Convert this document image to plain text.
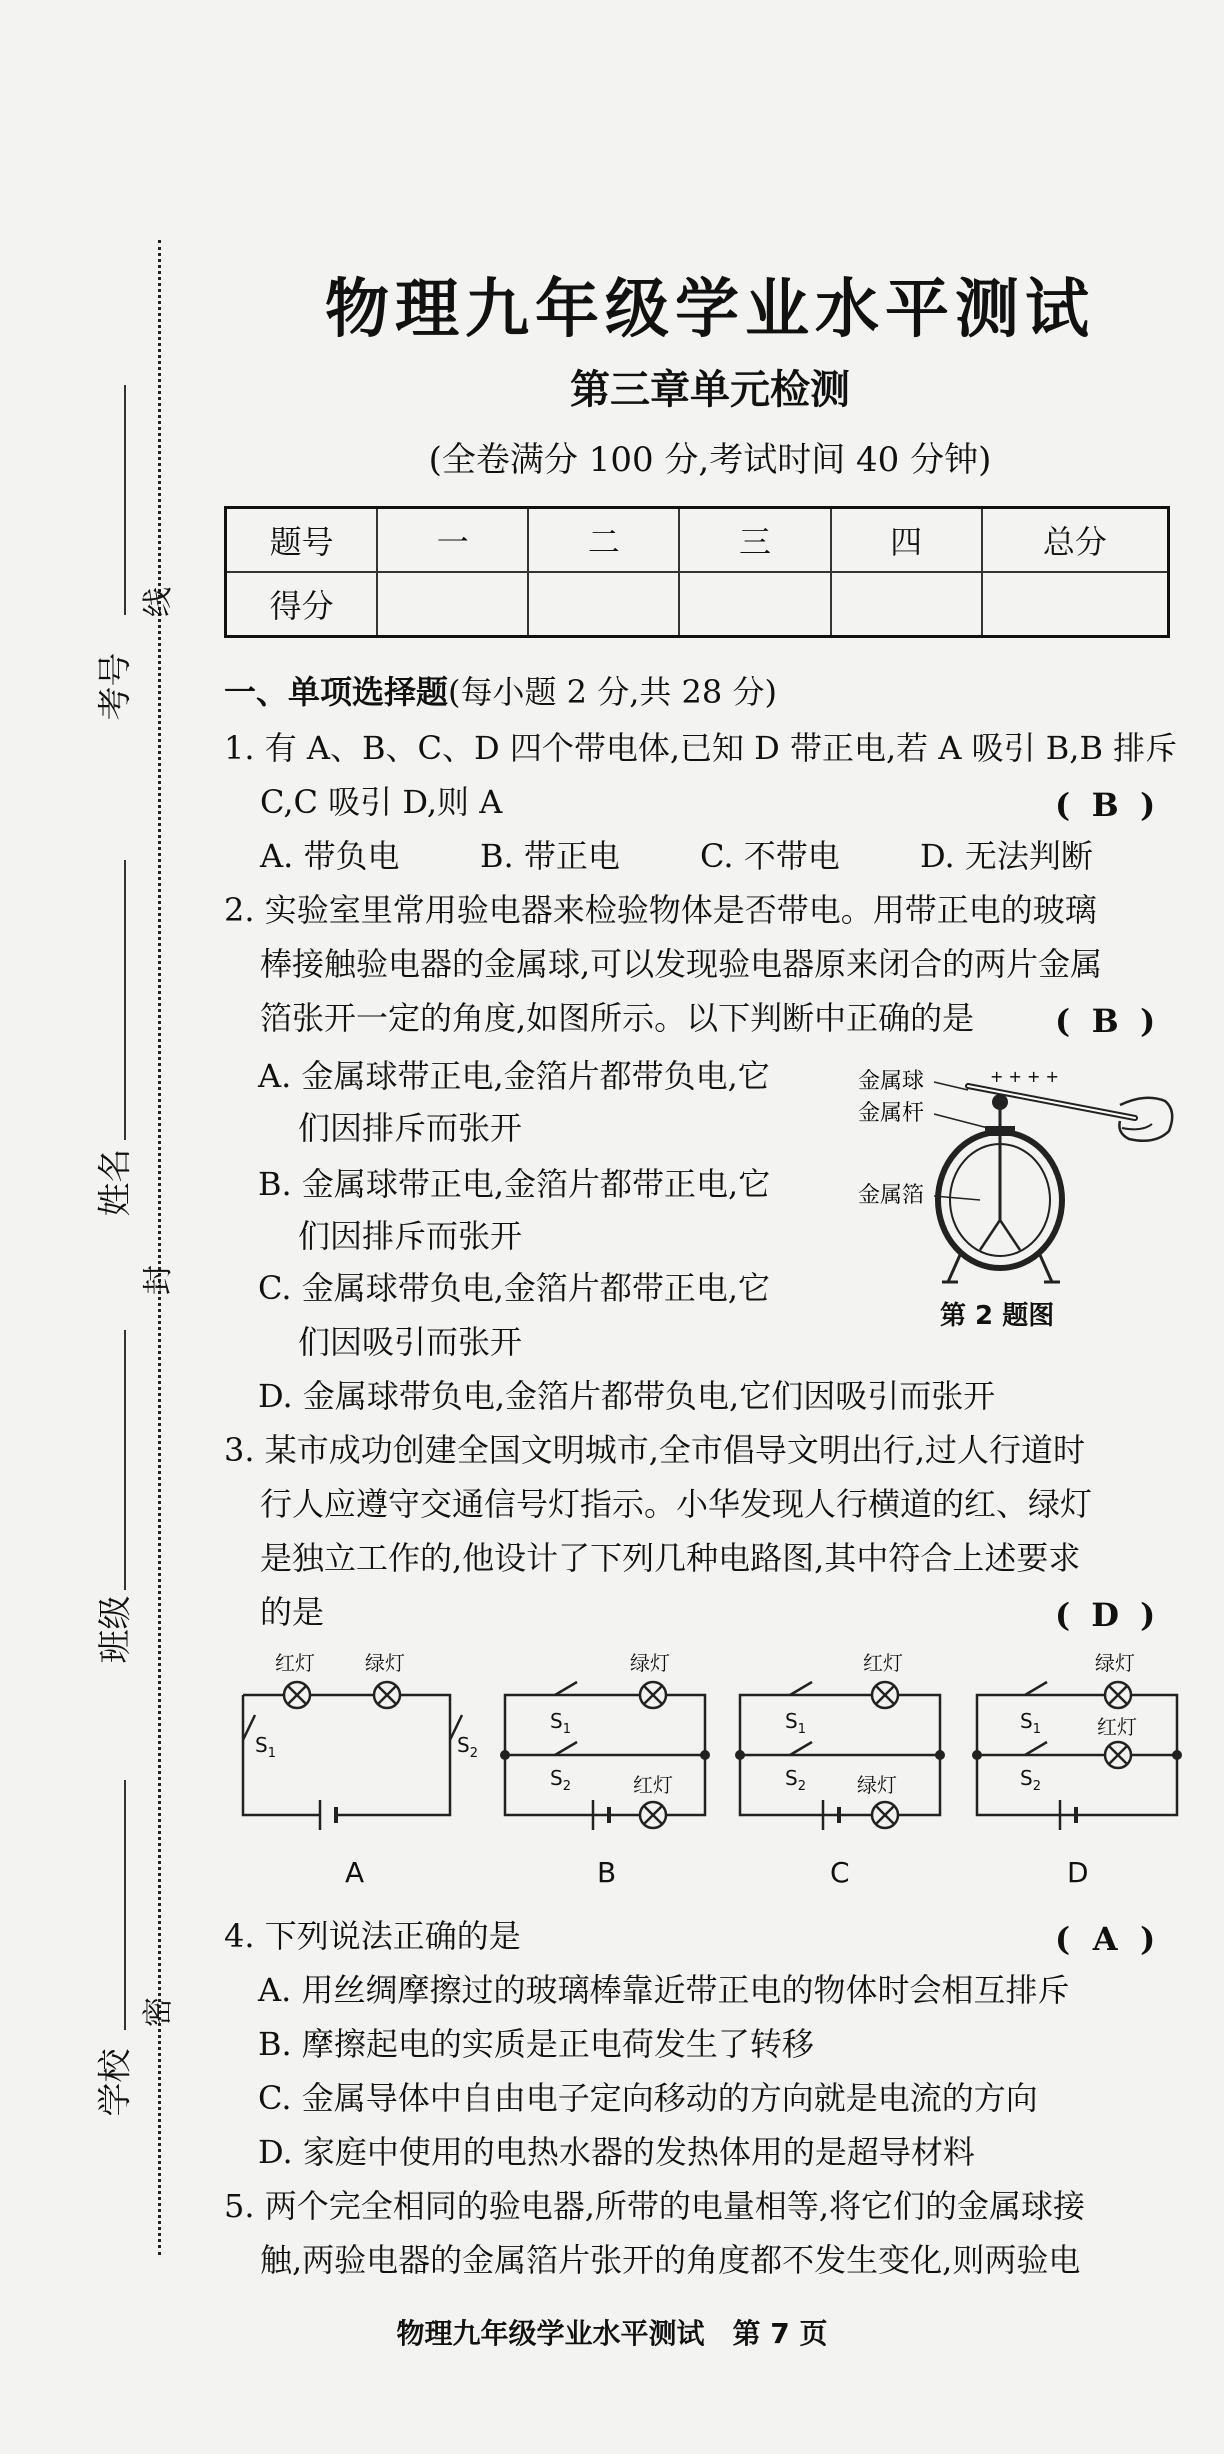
考号
线
姓名
封
班级
学校
密
物理九年级学业水平测试
第三章单元检测
(全卷满分 100 分,考试时间 40 分钟)
题号	一	二	三	四	总分
得分					
一、单项选择题(每小题 2 分,共 28 分)
1. 有 A、B、C、D 四个带电体,已知 D 带正电,若 A 吸引 B,B 排斥
C,C 吸引 D,则 A	( B )
A. 带负电	B. 带正电	C. 不带电	D. 无法判断
2. 实验室里常用验电器来检验物体是否带电。用带正电的玻璃
棒接触验电器的金属球,可以发现验电器原来闭合的两片金属
箔张开一定的角度,如图所示。以下判断中正确的是	( B )
A. 金属球带正电,金箔片都带负电,它
们因排斥而张开
B. 金属球带正电,金箔片都带正电,它
们因排斥而张开
C. 金属球带负电,金箔片都带正电,它
们因吸引而张开
D. 金属球带负电,金箔片都带负电,它们因吸引而张开
金属球
金属杆
金属箔
+ + + +
第 2 题图
3. 某市成功创建全国文明城市,全市倡导文明出行,过人行道时
行人应遵守交通信号灯指示。小华发现人行横道的红、绿灯
是独立工作的,他设计了下列几种电路图,其中符合上述要求
的是	( D )
红灯	绿灯	绿灯
红灯
红灯
绿灯
绿灯
红灯
$S_1$	$S_2$
$S_1$
$S_2$
$S_1$
$S_2$
$S_1$
$S_2$
A	B	C	D
4. 下列说法正确的是	( A )
A. 用丝绸摩擦过的玻璃棒靠近带正电的物体时会相互排斥
B. 摩擦起电的实质是正电荷发生了转移
C. 金属导体中自由电子定向移动的方向就是电流的方向
D. 家庭中使用的电热水器的发热体用的是超导材料
5. 两个完全相同的验电器,所带的电量相等,将它们的金属球接
触,两验电器的金属箔片张开的角度都不发生变化,则两验电
物理九年级学业水平测试　第 7 页
